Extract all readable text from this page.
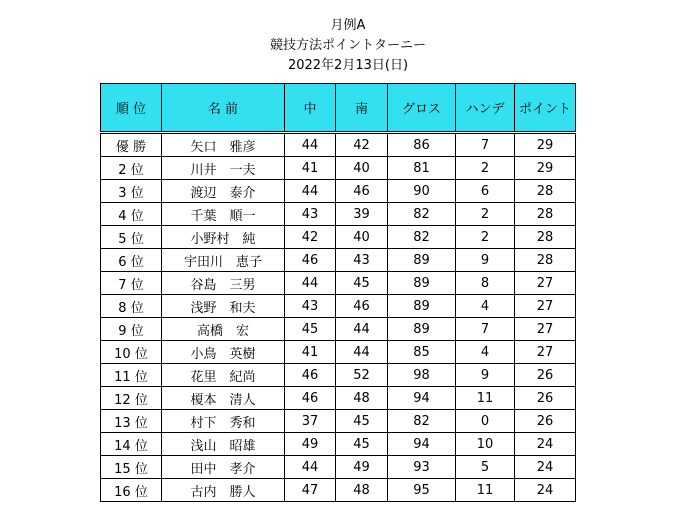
月例A
競技方法ポイントターニー
2022年2月13日(日)
順 位	名 前	中	南	グロス	ハンデ	ポイント
優 勝	矢口　雅彦	44	42	86	7	29
2 位	川井　一夫	41	40	81	2	29
3 位	渡辺　泰介	44	46	90	6	28
4 位	千葉　順一	43	39	82	2	28
5 位	小野村　純	42	40	82	2	28
6 位	宇田川　恵子	46	43	89	9	28
7 位	谷島　三男	44	45	89	8	27
8 位	浅野　和夫	43	46	89	4	27
9 位	高橋　宏	45	44	89	7	27
10 位	小鳥　英樹	41	44	85	4	27
11 位	花里　紀尚	46	52	98	9	26
12 位	榎本　清人	46	48	94	11	26
13 位	村下　秀和	37	45	82	0	26
14 位	浅山　昭雄	49	45	94	10	24
15 位	田中　孝介	44	49	93	5	24
16 位	古内　勝人	47	48	95	11	24
